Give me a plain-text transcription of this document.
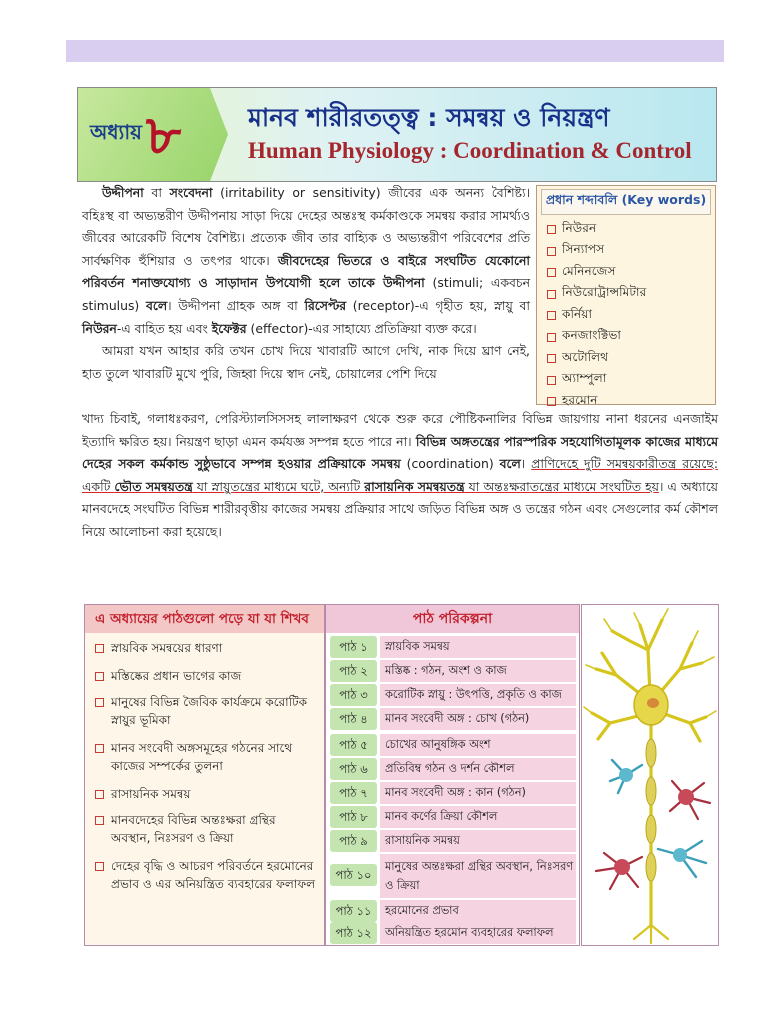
অধ্যায় ৮	মানব শারীরতত্ত্ব : সমন্বয় ও নিয়ন্ত্রণ
Human Physiology : Coordination & Control

উদ্দীপনা বা সংবেদনা (irritability or sensitivity) জীবের এক অনন্য বৈশিষ্ট্য। বহিঃস্থ বা অভ্যন্তরীণ উদ্দীপনায় সাড়া দিয়ে দেহের অন্তঃস্থ কর্মকাণ্ডকে সমন্বয় করার সামর্থ্যও জীবের আরেকটি বিশেষ বৈশিষ্ট্য। প্রত্যেক জীব তার বাহ্যিক ও অভ্যন্তরীণ পরিবেশের প্রতি সার্বক্ষণিক হুঁশিয়ার ও তৎপর থাকে। জীবদেহের ভিতরে ও বাইরে সংঘটিত যেকোনো পরিবর্তন শনাক্তযোগ্য ও সাড়াদান উপযোগী হলে তাকে উদ্দীপনা (stimuli; একবচন stimulus) বলে। উদ্দীপনা গ্রাহক অঙ্গ বা রিসেপ্টর (receptor)-এ গৃহীত হয়, স্নায়ু বা নিউরন-এ বাহিত হয় এবং ইফেক্টর (effector)-এর সাহায্যে প্রতিক্রিয়া ব্যক্ত করে।

আমরা যখন আহার করি তখন চোখ দিয়ে খাবারটি আগে দেখি, নাক দিয়ে ঘ্রাণ নেই, হাত তুলে খাবারটি মুখে পুরি, জিহ্বা দিয়ে স্বাদ নেই, চোয়ালের পেশি দিয়ে

খাদ্য চিবাই, গলাধঃকরণ, পেরিস্ট্যালসিসসহ লালাক্ষরণ থেকে শুরু করে পৌষ্টিকনালির বিভিন্ন জায়গায় নানা ধরনের এনজাইম ইত্যাদি ক্ষরিত হয়। নিয়ন্ত্রণ ছাড়া এমন কর্মযজ্ঞ সম্পন্ন হতে পারে না। বিভিন্ন অঙ্গতন্ত্রের পারস্পরিক সহযোগিতামূলক কাজের মাধ্যমে দেহের সকল কর্মকান্ড সুষ্ঠুভাবে সম্পন্ন হওয়ার প্রক্রিয়াকে সমন্বয় (coordination) বলে। প্রাণিদেহে দুটি সমন্বয়কারীতন্ত্র রয়েছে: একটি ভৌত সমন্বয়তন্ত্র যা স্নায়ুতন্ত্রের মাধ্যমে ঘটে, অন্যটি রাসায়নিক সমন্বয়তন্ত্র যা অন্তঃক্ষরাতন্ত্রের মাধ্যমে সংঘটিত হয়। এ অধ্যায়ে মানবদেহে সংঘটিত বিভিন্ন শারীরবৃত্তীয় কাজের সমন্বয় প্রক্রিয়ার সাথে জড়িত বিভিন্ন অঙ্গ ও তন্ত্রের গঠন এবং সেগুলোর কর্ম কৌশল নিয়ে আলোচনা করা হয়েছে।

প্রধান শব্দাবলি (Key words)
নিউরন
সিন্যাপস
মেনিনজেস
নিউরোট্রান্সমিটার
কর্নিয়া
কনজাংক্টিভা
অটোলিথ
অ্যাম্পুলা
হরমোন
এ অধ্যায়ের পাঠগুলো পড়ে যা যা শিখব
স্নায়বিক সমন্বয়ের ধারণা
মস্তিষ্কের প্রধান ভাগের কাজ
মানুষের বিভিন্ন জৈবিক কার্যক্রমে করোটিক স্নায়ুর ভূমিকা
মানব সংবেদী অঙ্গসমূহের গঠনের সাথে কাজের সম্পর্কের তুলনা
রাসায়নিক সমন্বয়
মানবদেহের বিভিন্ন অন্তঃক্ষরা গ্রন্থির অবস্থান, নিঃসরণ ও ক্রিয়া
দেহের বৃদ্ধি ও আচরণ পরিবর্তনে হরমোনের প্রভাব ও এর অনিয়ন্ত্রিত ব্যবহারের ফলাফল
পাঠ পরিকল্পনা
পাঠ ১	স্নায়বিক সমন্বয়
পাঠ ২	মস্তিষ্ক : গঠন, অংশ ও কাজ
পাঠ ৩	করোটিক স্নায়ু : উৎপত্তি, প্রকৃতি ও কাজ
পাঠ ৪	মানব সংবেদী অঙ্গ : চোখ (গঠন)
পাঠ ৫	চোখের আনুষঙ্গিক অংশ
পাঠ ৬	প্রতিবিম্ব গঠন ও দর্শন কৌশল
পাঠ ৭	মানব সংবেদী অঙ্গ : কান (গঠন)
পাঠ ৮	মানব কর্ণের ক্রিয়া কৌশল
পাঠ ৯	রাসায়নিক সমন্বয়
পাঠ ১০
মানুষের অন্তঃক্ষরা গ্রন্থির অবস্থান, নিঃসরণ ও ক্রিয়া
পাঠ ১১	হরমোনের প্রভাব
পাঠ ১২	অনিয়ন্ত্রিত হরমোন ব্যবহারের ফলাফল
